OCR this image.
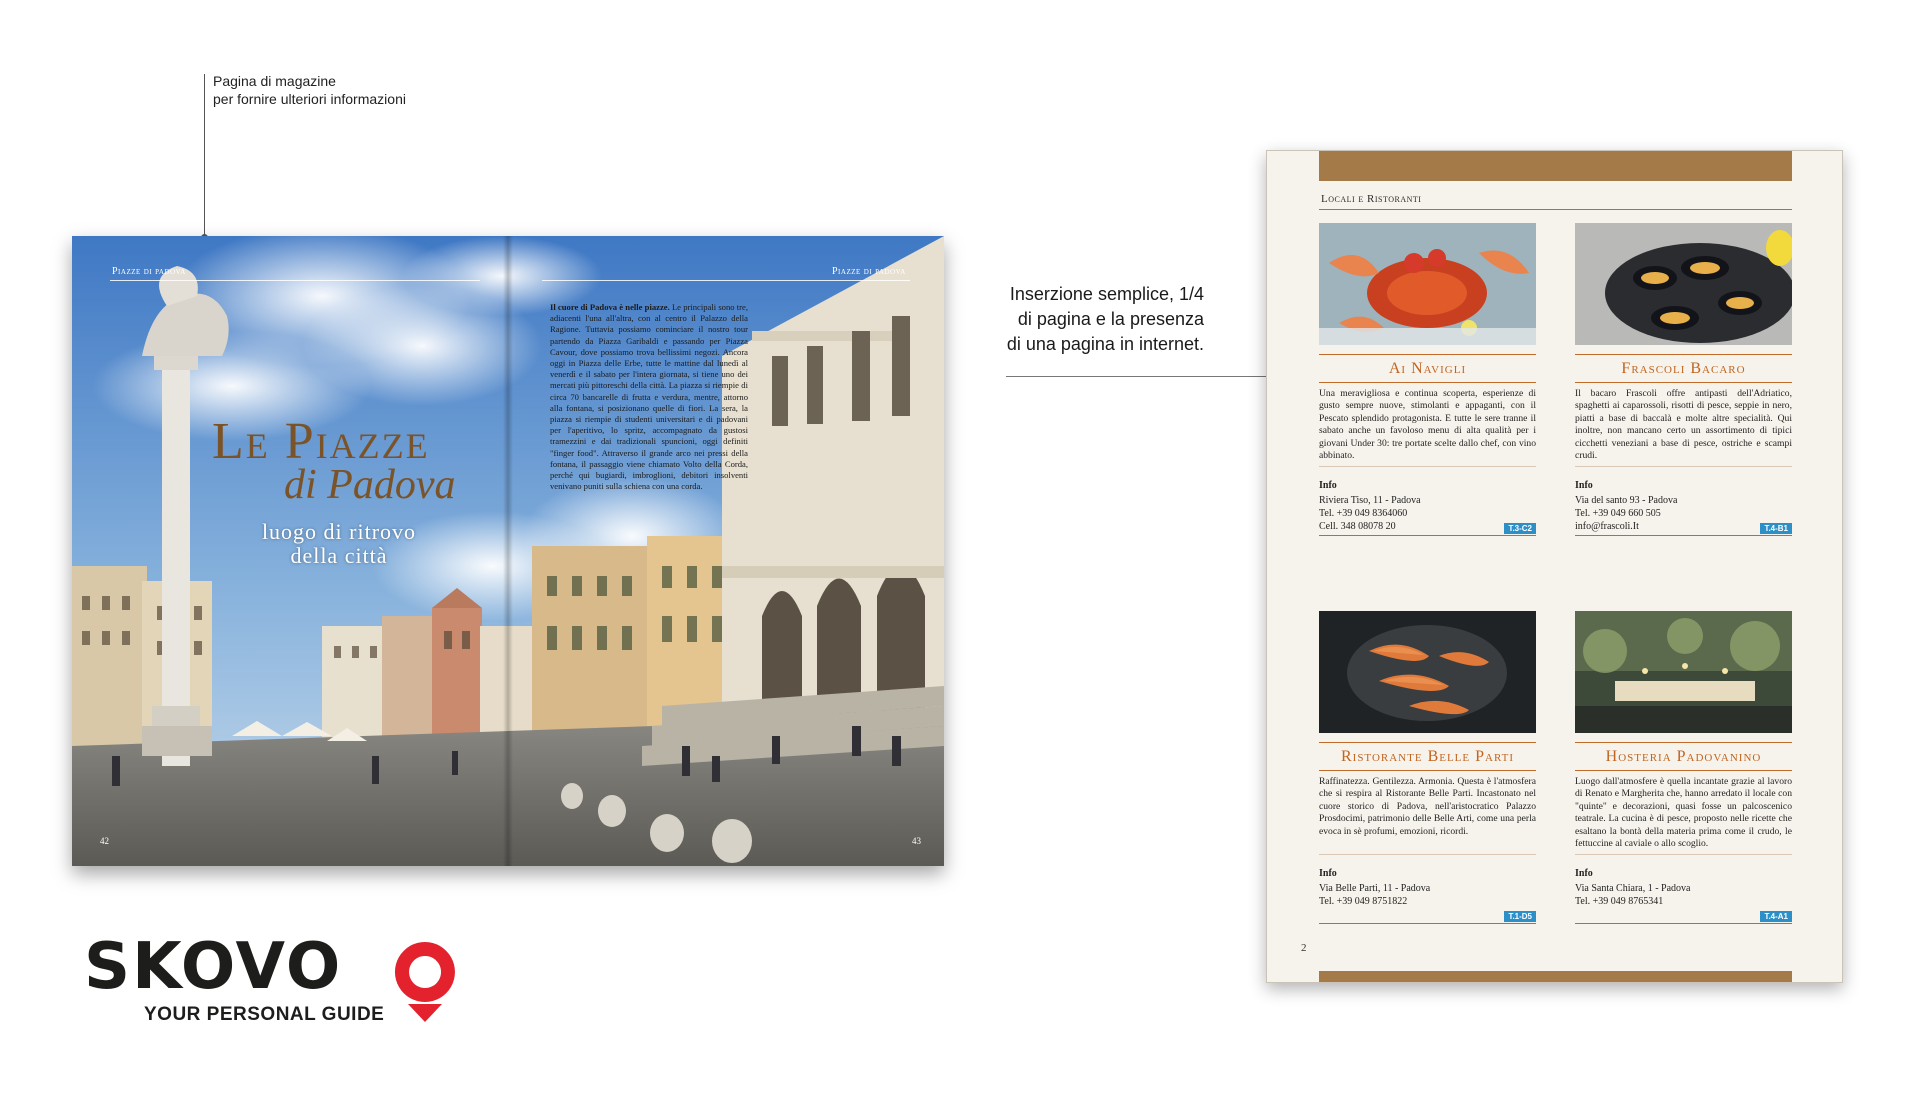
Pagina di magazine
per fornire ulteriori informazioni
Piazze di padova	Piazze di padova
Le Piazze
di Padova
luogo di ritrovo
della città
Il cuore di Padova è nelle piazze. Le principali sono tre, adiacenti l'una all'altra, con al centro il Palazzo della Ragione. Tuttavia possiamo cominciare il nostro tour partendo da Piazza Garibaldi e passando per Piazza Cavour, dove possiamo trova bellissimi negozi. Ancora oggi in Piazza delle Erbe, tutte le mattine dal lunedì al venerdì e il sabato per l'intera giornata, si tiene uno dei mercati più pittoreschi della città. La piazza si riempie di circa 70 bancarelle di frutta e verdura, mentre, attorno alla fontana, si posizionano quelle di fiori. La sera, la piazza si riempie di studenti universitari e di padovani per l'aperitivo, lo spritz, accompagnato da gustosi tramezzini e dai tradizionali spuncioni, oggi definiti "finger food". Attraverso il grande arco nei pressi della fontana, il passaggio viene chiamato Volto della Corda, perché qui bugiardi, imbroglioni, debitori insolventi venivano puniti sulla schiena con una corda.
42	43
Inserzione semplice, 1/4
di pagina e la presenza
di una pagina in internet.
Locali e Ristoranti
Ai Navigli
Una meravigliosa e continua scoperta, esperienze di gusto sempre nuove, stimolanti e appaganti, con il Pescato splendido protagonista. E tutte le sere tranne il sabato anche un favoloso menu di alta qualità per i giovani Under 30: tre portate scelte dallo chef, con vino abbinato.
Info
Riviera Tiso, 11 - Padova
Tel. +39 049 8364060
Cell. 348 08078 20	T.3-C2
Frascoli Bacaro
Il bacaro Frascoli offre antipasti dell'Adriatico, spaghetti ai caparossoli, risotti di pesce, seppie in nero, piatti a base di baccalà e molte altre specialità. Qui inoltre, non mancano certo un assortimento di tipici cicchetti veneziani a base di pesce, ostriche e scampi crudi.
Info
Via del santo 93 - Padova
Tel. +39 049 660 505
info@frascoli.It	T.4-B1
Ristorante Belle Parti
Raffinatezza. Gentilezza. Armonia. Questa è l'atmosfera che si respira al Ristorante Belle Parti. Incastonato nel cuore storico di Padova, nell'aristocratico Palazzo Prosdocimi, patrimonio delle Belle Arti, come una perla evoca in sè profumi, emozioni, ricordi.
Info
Via Belle Parti, 11 - Padova
Tel. +39 049 8751822
T.1-D5
Hosteria Padovanino
Luogo dall'atmosfere è quella incantate grazie al lavoro di Renato e Margherita che, hanno arredato il locale con "quinte" e decorazioni, quasi fosse un palcoscenico teatrale. La cucina è di pesce, proposto nelle ricette che esaltano la bontà della materia prima come il crudo, le fettuccine al caviale o allo scoglio.
Info
Via Santa Chiara, 1 - Padova
Tel. +39 049 8765341
T.4-A1
2
SKOVO
YOUR PERSONAL GUIDE
